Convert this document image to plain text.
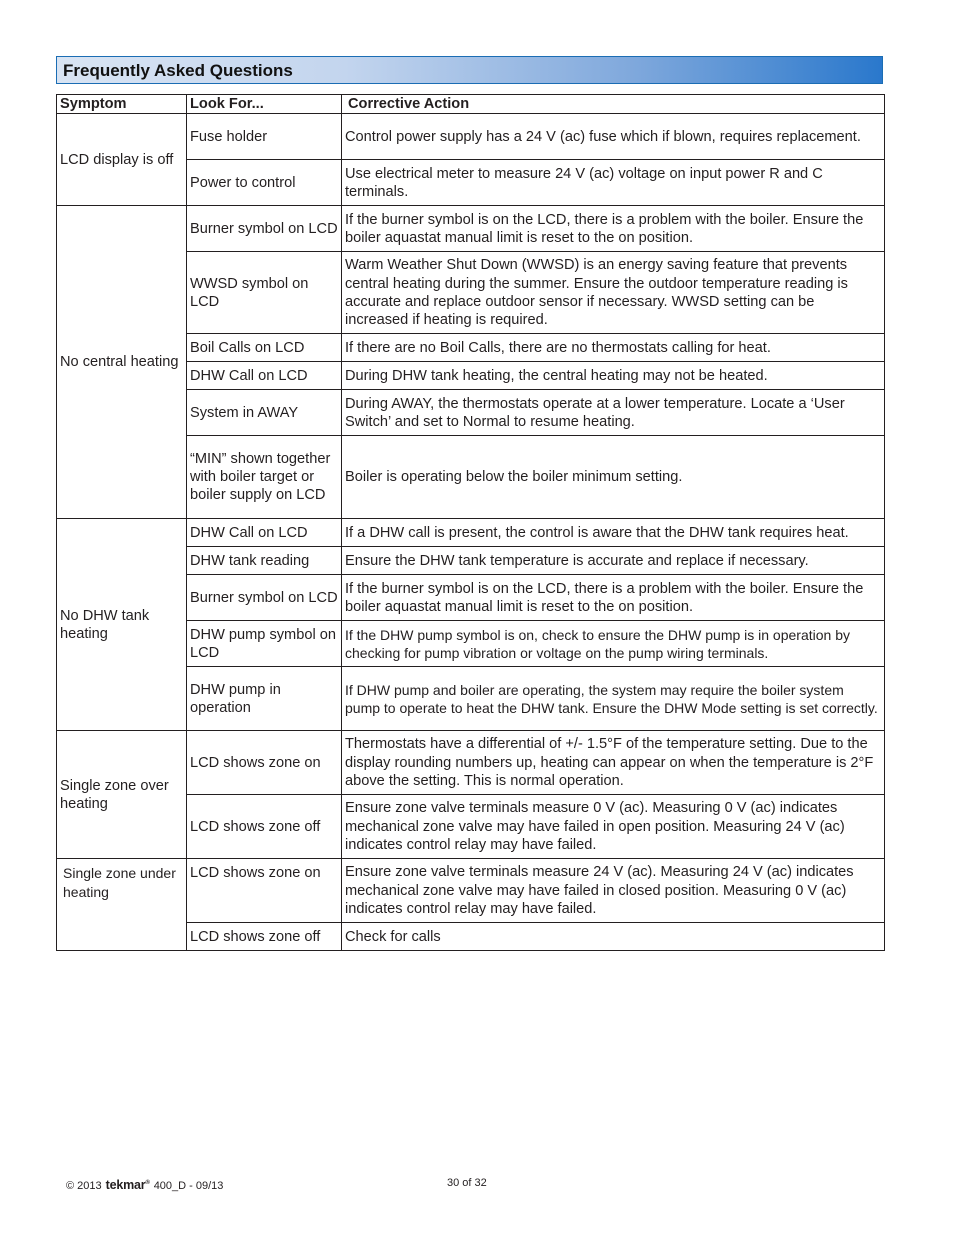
Frequently Asked Questions
Symptom	Look For...	Corrective Action
LCD display is off	Fuse holder	Control power supply has a 24 V (ac) fuse which if blown, requires replacement.
	Power to control	Use electrical meter to measure 24 V (ac) voltage on input power R and C terminals.
No central heating	Burner symbol on LCD	If the burner symbol is on the LCD, there is a problem with the boiler. Ensure the boiler aquastat manual limit is reset to the on position.
	WWSD symbol on LCD	Warm Weather Shut Down (WWSD) is an energy saving feature that prevents central heating during the summer. Ensure the outdoor temperature reading is accurate and replace outdoor sensor if necessary. WWSD setting can be increased if heating is required.
	Boil Calls on LCD	If there are no Boil Calls, there are no thermostats calling for heat.
	DHW Call on LCD	During DHW tank heating, the central heating may not be heated.
	System in AWAY	During AWAY, the thermostats operate at a lower temperature. Locate a ‘User Switch’ and set to Normal to resume heating.
	“MIN” shown together with boiler target or boiler supply on LCD	Boiler is operating below the boiler minimum setting.
No DHW tank heating	DHW Call on LCD	If a DHW call is present, the control is aware that the DHW tank requires heat.
	DHW tank reading	Ensure the DHW tank temperature is accurate and replace if necessary.
	Burner symbol on LCD	If the burner symbol is on the LCD, there is a problem with the boiler. Ensure the boiler aquastat manual limit is reset to the on position.
	DHW pump symbol on LCD	If the DHW pump symbol is on, check to ensure the DHW pump is in operation by checking for pump vibration or voltage on the pump wiring terminals.
	DHW pump in operation	If DHW pump and boiler are operating, the system may require the boiler system pump to operate to heat the DHW tank. Ensure the DHW Mode setting is set correctly.
Single zone over heating	LCD shows zone on	Thermostats have a differential of +/- 1.5°F of the temperature setting. Due to the display rounding numbers up, heating can appear on when the temperature is 2°F above the setting. This is normal operation.
	LCD shows zone off	Ensure zone valve terminals measure 0 V (ac). Measuring 0 V (ac) indicates mechanical zone valve may have failed in open position. Measuring 24 V (ac) indicates control relay may have failed.
Single zone under heating	LCD shows zone on	Ensure zone valve terminals measure 24 V (ac). Measuring 24 V (ac) indicates mechanical zone valve may have failed in closed position. Measuring 0 V (ac) indicates control relay may have failed.
	LCD shows zone off	Check for calls
© 2013 tekmar® 400_D - 09/13	30 of 32
